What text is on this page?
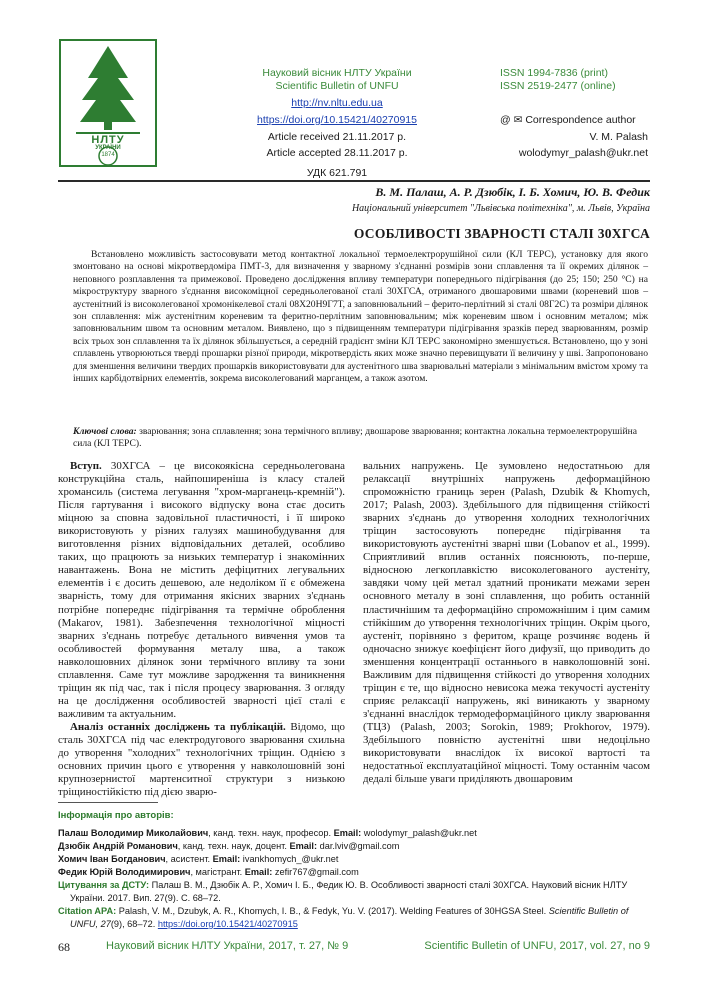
НЛТУ
УКРАЇНИ
1874
Науковий вісник НЛТУ України
Scientific Bulletin of UNFU
http://nv.nltu.edu.ua
https://doi.org/10.15421/40270915
Article received 21.11.2017 р.
Article accepted 28.11.2017 р.
УДК 621.791
ISSN 1994-7836 (print)
ISSN 2519-2477 (online)
@ ✉ Correspondence author
V. M. Palash
wolodymyr_palash@ukr.net
В. М. Палаш, А. Р. Дзюбік, І. Б. Хомич, Ю. В. Федик
Національний університет "Львівська політехніка", м. Львів, Україна
ОСОБЛИВОСТІ ЗВАРНОСТІ СТАЛІ 30ХГСА

Встановлено можливість застосовувати метод контактної локальної термоелектрорушійної сили (КЛ ТЕРС), установку для якого змонтовано на основі мікротвердоміра ПМТ-3, для визначення у зварному з'єднанні розмірів зони сплавлення та її окремих ділянок – неповного розплавлення та примежової. Проведено дослідження впливу температури попереднього підігрівання (до 25; 150; 250 °C) на мікроструктуру зварного з'єднання високоміцної середньолегованої сталі 30ХГСА, отриманого двошаровими швами (кореневий шов – аустенітний із високолегованої хромонікелевої сталі 08Х20Н9Г7Т, а заповнювальний – ферито-перлітний зі сталі 08Г2С) та розміри ділянок зон сплавлення: між аустенітним кореневим та феритно-перлітним заповнювальним; між кореневим швом і основним металом; між заповнювальним швом та основним металом. Виявлено, що з підвищенням температури підігрівання зразків перед зварюванням, розмір всіх трьох зон сплавлення та їх ділянок збільшується, а середній градієнт зміни КЛ ТЕРС закономірно зменшується. Встановлено, що у зоні сплавлень утворюються тверді прошарки різної природи, мікротвердість яких може значно перевищувати її величину у шві. Запропоновано для зменшення величини твердих прошарків використовувати для аустенітного шва зварювальні матеріали з мінімальним вмістом хрому та інших карбідотвірних елементів, зокрема високолегований марганцем, а також азотом.

Ключові слова: зварювання; зона сплавлення; зона термічного впливу; двошарове зварювання; контактна локальна термоелектрорушійна сила (КЛ ТЕРС).

Вступ. 30ХГСА – це високоякісна середньолегована конструкційна сталь, найпоширеніша із класу сталей хромансиль (система легування "хром-марганець-кремній"). Після гартування і високого відпуску вона стає досить міцною за сповна задовільної пластичності, і її широко використовують у різних галузях машинобудування для виготовлення різних відповідальних деталей, особливо таких, що працюють за низьких температур і знакомінних навантажень. Вона не містить дефіцитних легувальних елементів і є досить дешевою, але недоліком її є обмежена зварність, тому для отримання якісних зварних з'єднань потрібне попереднє підігрівання та термічне оброблення (Makarov, 1981). Забезпечення технологічної міцності зварних з'єднань потребує детального вивчення умов та особливостей формування металу шва, а також навколошовних ділянок зони термічного впливу та зони сплавлення. Саме тут можливе зародження та виникнення тріщин як під час, так і після процесу зварювання. З огляду на це дослідження особливостей зварності цієї сталі є важливим та актуальним.

Аналіз останніх досліджень та публікацій. Відомо, що сталь 30ХГСА під час електродугового зварювання схильна до утворення "холодних" технологічних тріщин. Однією з основних причин цього є утворення у навколошовній зоні крупнозернистої мартенситної структури з низькою тріщиностійкістю під дією зварю-

вальних напружень. Це зумовлено недостатньою для релаксації внутрішніх напружень деформаційною спроможністю границь зерен (Palash, Dzubik & Khomych, 2017; Palash, 2003). Здебільшого для підвищення стійкості зварних з'єднань до утворення холодних технологічних тріщин застосовують попереднє підігрівання та використовують аустенітні зварні шви (Lobanov et al., 1999). Сприятливий вплив останніх пояснюють, по-перше, відносною легкоплавкістю високолегованого аустеніту, завдяки чому цей метал здатний проникати межами зерен основного металу в зоні сплавлення, що робить останній пластичнішим та деформаційно спроможнішим і цим самим стійкішим до утворення технологічних тріщин. Окрім цього, аустеніт, порівняно з феритом, краще розчиняє водень й одночасно знижує коефіцієнт його дифузії, що приводить до зменшення концентрації останнього в навколошовній зоні. Важливим для підвищення стійкості до утворення холодних тріщин є те, що відносно невисока межа текучості аустеніту сприяє релаксації напружень, які виникають у зварному з'єднанні внаслідок термодеформаційного циклу зварювання (ТЦЗ) (Palash, 2003; Sorokin, 1989; Prokhorov, 1979). Здебільшого повністю аустенітні шви недоцільно використовувати внаслідок їх високої вартості та недостатньої експлуатаційної міцності. Тому останнім часом дедалі більше уваги приділяють двошаровим

Інформація про авторів:

Палаш Володимир Миколайович, канд. техн. наук, професор. Email: wolodymyr_palash@ukr.net

Дзюбік Андрій Романович, канд. техн. наук, доцент. Email: dar.lviv@gmail.com

Хомич Іван Богданович, асистент. Email: ivankhomych_@ukr.net

Федик Юрій Володимирович, магістрант. Email: zefir767@gmail.com

Цитування за ДСТУ: Палаш В. М., Дзюбік А. Р., Хомич І. Б., Федик Ю. В. Особливості зварності сталі 30ХГСА. Науковий вісник НЛТУ України. 2017. Вип. 27(9). С. 68–72.

Citation APA: Palash, V. M., Dzubyk, A. R., Khomych, I. B., & Fedyk, Yu. V. (2017). Welding Features of 30HGSA Steel. Scientific Bulletin of UNFU, 27(9), 68–72. https://doi.org/10.15421/40270915

68	Науковий вісник НЛТУ України, 2017, т. 27, № 9	Scientific Bulletin of UNFU, 2017, vol. 27, no 9
